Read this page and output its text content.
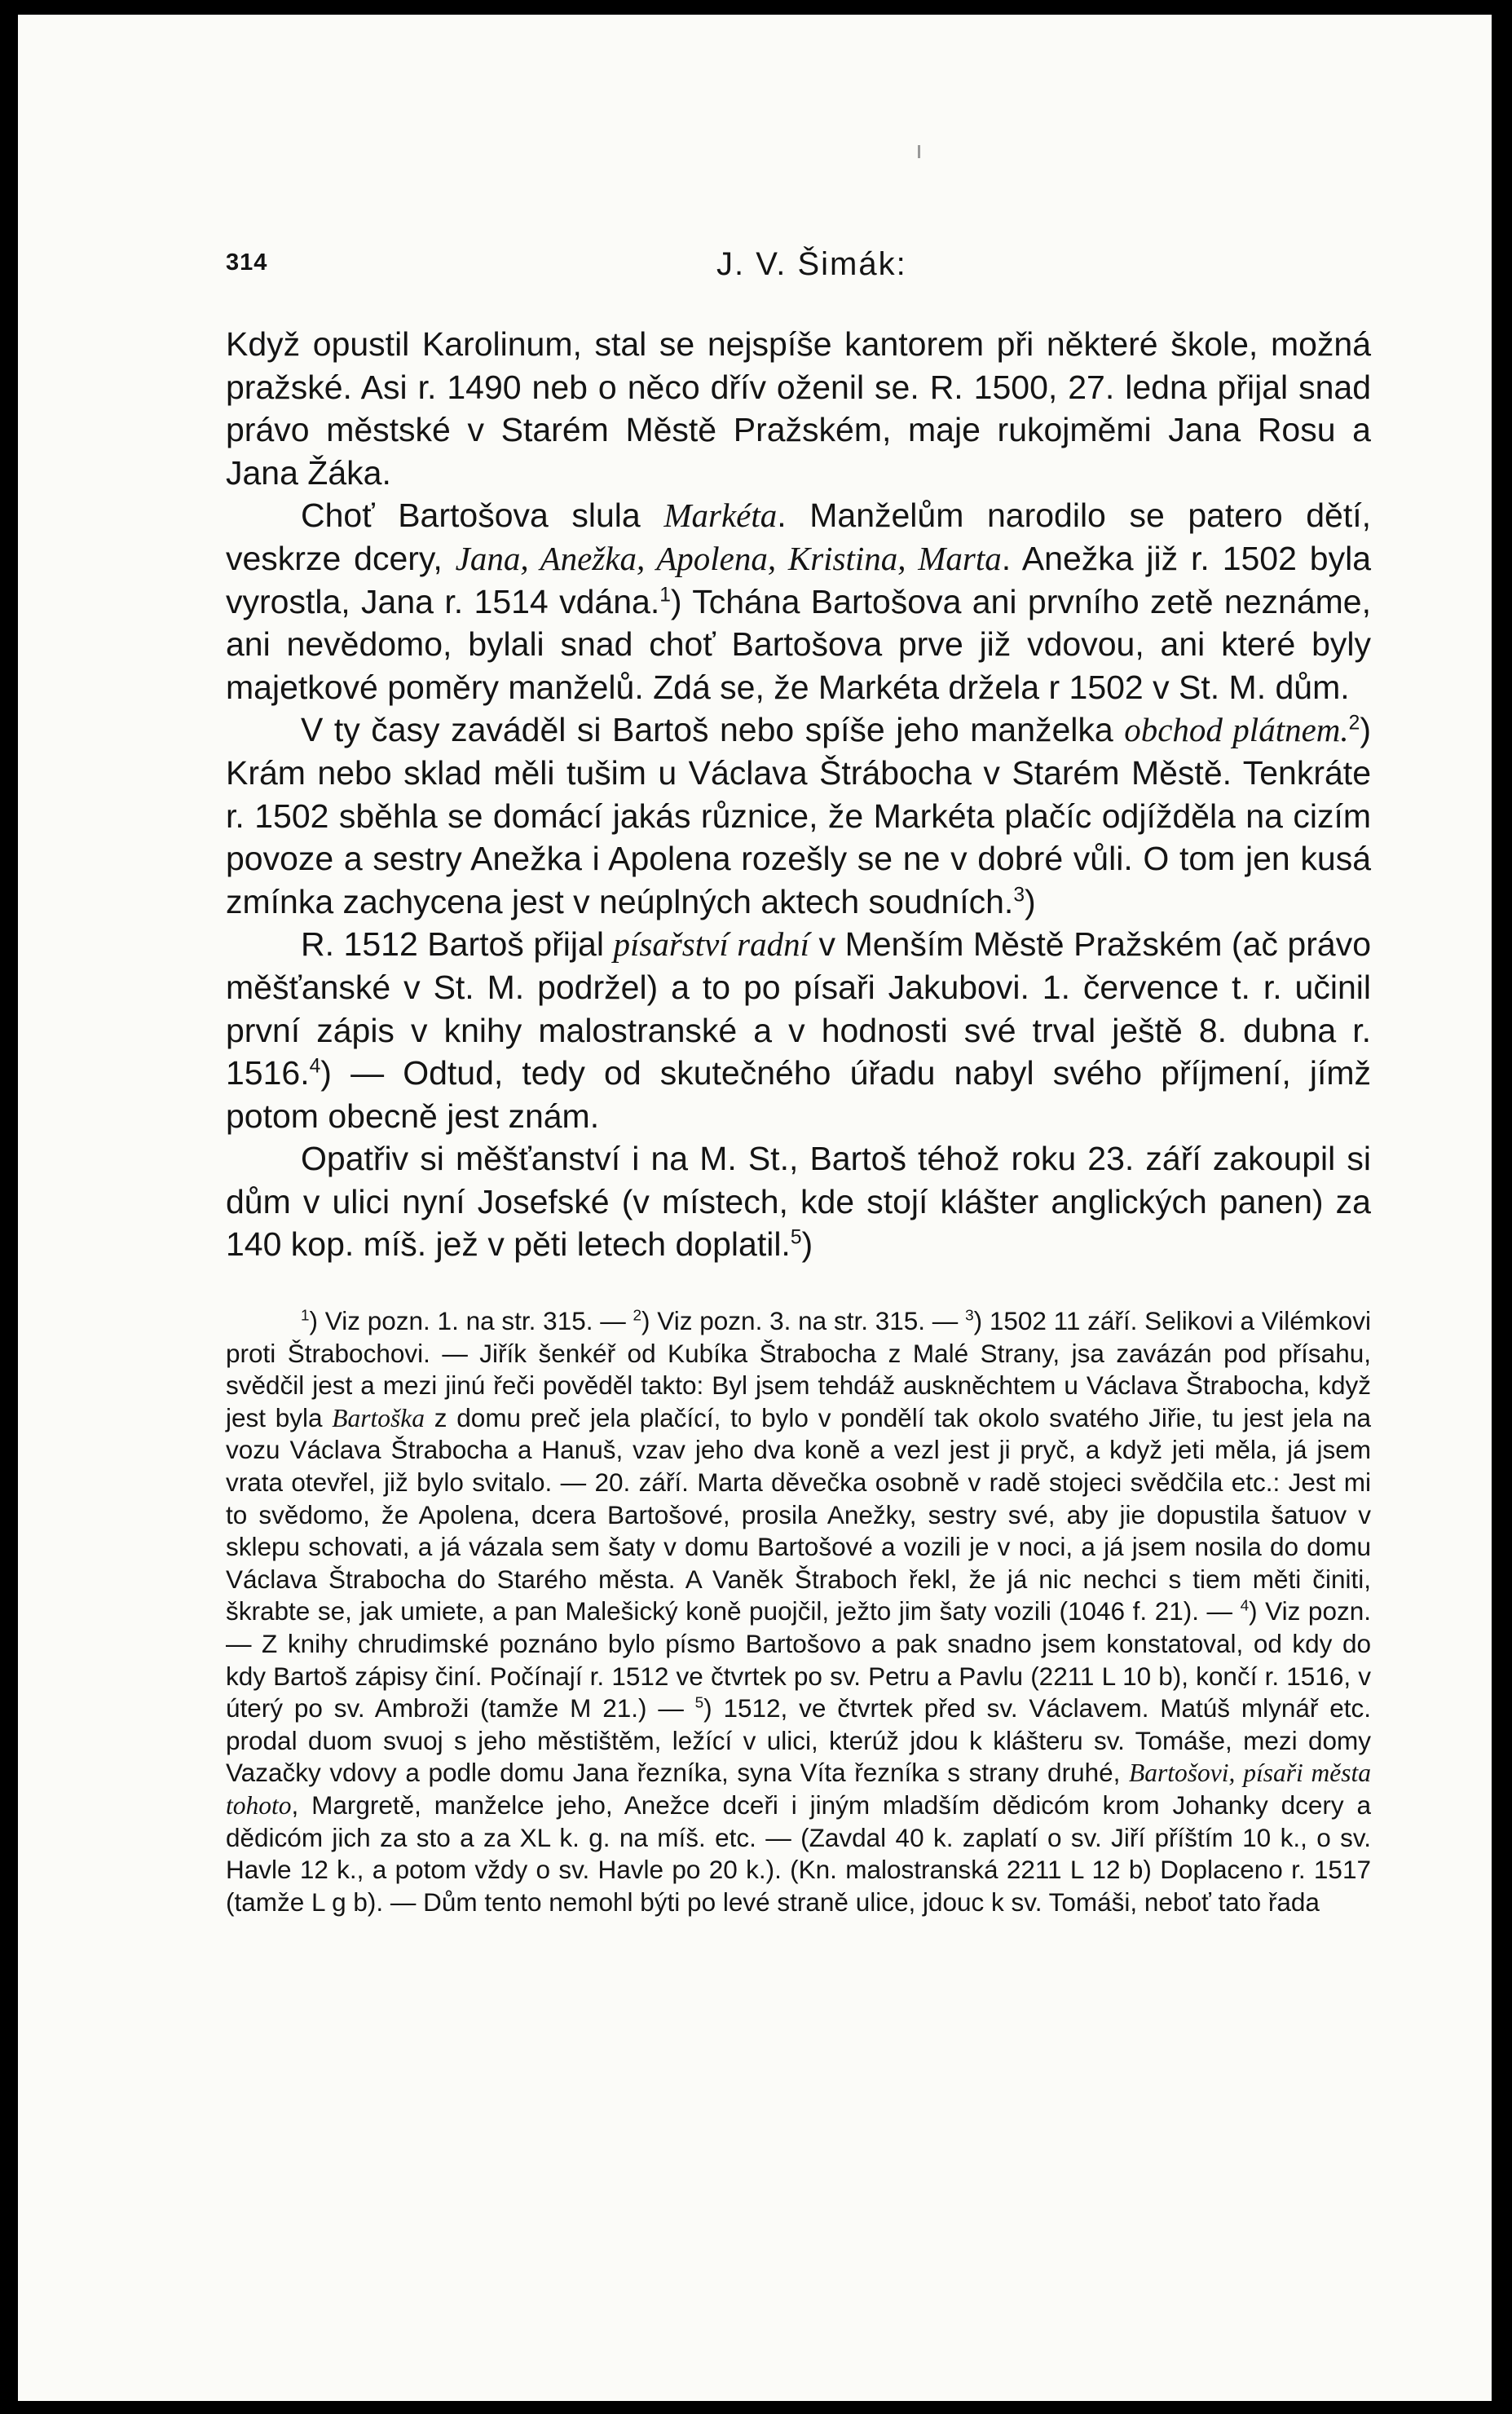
314	J. V. Šimák:

Když opustil Karolinum, stal se nejspíše kantorem při některé škole, možná pražské. Asi r. 1490 neb o něco dřív oženil se. R. 1500, 27. ledna přijal snad právo městské v Starém Městě Pražském, maje rukojměmi Jana Rosu a Jana Žáka.

Choť Bartošova slula Markéta. Manželům narodilo se patero dětí, veskrze dcery, Jana, Anežka, Apolena, Kristina, Marta. Anežka již r. 1502 byla vyrostla, Jana r. 1514 vdána.$^1$) Tchána Bartošova ani prvního zetě neznáme, ani nevědomo, bylali snad choť Bartošova prve již vdovou, ani které byly majetkové poměry manželů. Zdá se, že Markéta držela r 1502 v St. M. dům.

V ty časy zaváděl si Bartoš nebo spíše jeho manželka obchod plátnem.$^2$) Krám nebo sklad měli tušim u Václava Štrábocha v Starém Městě. Tenkráte r. 1502 sběhla se domácí jakás různice, že Markéta plačíc odjížděla na cizím povoze a sestry Anežka i Apolena rozešly se ne v dobré vůli. O tom jen kusá zmínka zachycena jest v neúplných aktech soudních.$^3$)

R. 1512 Bartoš přijal písařství radní v Menším Městě Pražském (ač právo měšťanské v St. M. podržel) a to po písaři Jakubovi. 1. července t. r. učinil první zápis v knihy malostranské a v hodnosti své trval ještě 8. dubna r. 1516.$^4$) — Odtud, tedy od skutečného úřadu nabyl svého příjmení, jímž potom obecně jest znám.

Opatřiv si měšťanství i na M. St., Bartoš téhož roku 23. září zakoupil si dům v ulici nyní Josefské (v místech, kde stojí klášter anglických panen) za 140 kop. míš. jež v pěti letech doplatil.$^5$)

$^1$) Viz pozn. 1. na str. 315. — $^2$) Viz pozn. 3. na str. 315. — $^3$) 1502 11 září. Selikovi a Vilémkovi proti Štrabochovi. — Jiřík šenkéř od Kubíka Štrabocha z Malé Strany, jsa zavázán pod přísahu, svědčil jest a mezi jinú řeči pověděl takto: Byl jsem tehdáž auskněchtem u Václava Štrabocha, když jest byla Bartoška z domu preč jela plačící, to bylo v pondělí tak okolo svatého Jiřie, tu jest jela na vozu Václava Štrabocha a Hanuš, vzav jeho dva koně a vezl jest ji pryč, a když jeti měla, já jsem vrata otevřel, již bylo svitalo. — 20. září. Marta děvečka osobně v radě stojeci svědčila etc.: Jest mi to svědomo, že Apolena, dcera Bartošové, prosila Anežky, sestry své, aby jie dopustila šatuov v sklepu schovati, a já vázala sem šaty v domu Bartošové a vozili je v noci, a já jsem nosila do domu Václava Štrabocha do Starého města. A Vaněk Štraboch řekl, že já nic nechci s tiem měti činiti, škrabte se, jak umiete, a pan Malešický koně puojčil, ježto jim šaty vozili (1046 f. 21). — $^4$) Viz pozn. — Z knihy chrudimské poznáno bylo písmo Bartošovo a pak snadno jsem konstatoval, od kdy do kdy Bartoš zápisy činí. Počínají r. 1512 ve čtvrtek po sv. Petru a Pavlu (2211 L 10 b), končí r. 1516, v úterý po sv. Ambroži (tamže M 21.) — $^5$) 1512, ve čtvrtek před sv. Václavem. Matúš mlynář etc. prodal duom svuoj s jeho městištěm, ležící v ulici, kterúž jdou k klášteru sv. Tomáše, mezi domy Vazačky vdovy a podle domu Jana řezníka, syna Víta řezníka s strany druhé, Bartošovi, písaři města tohoto, Margretě, manželce jeho, Anežce dceři i jiným mladším dědicóm krom Johanky dcery a dědicóm jich za sto a za XL k. g. na míš. etc. — (Zavdal 40 k. zaplatí o sv. Jiří příštím 10 k., o sv. Havle 12 k., a potom vždy o sv. Havle po 20 k.). (Kn. malostranská 2211 L 12 b) Doplaceno r. 1517 (tamže L g b). — Dům tento nemohl býti po levé straně ulice, jdouc k sv. Tomáši, neboť tato řada
